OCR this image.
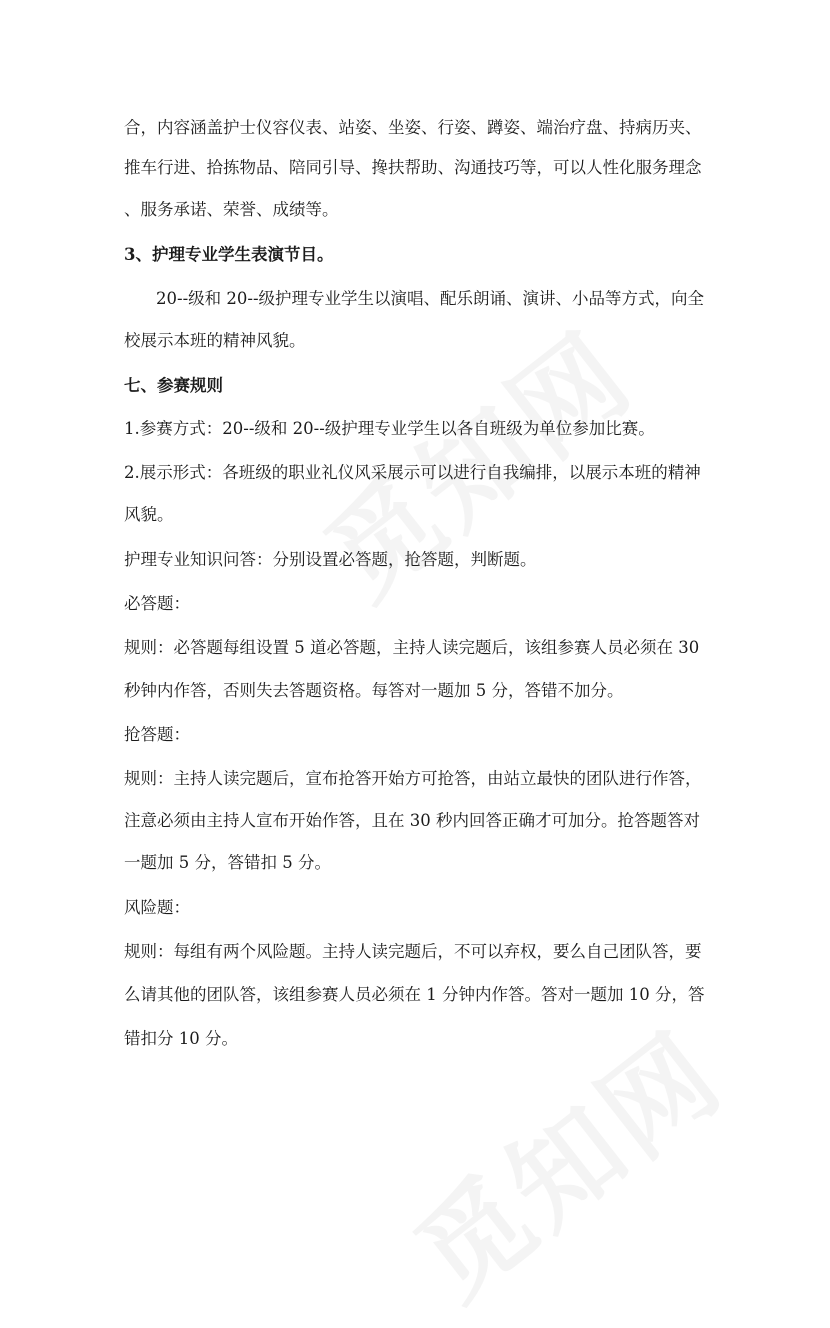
合，内容涵盖护士仪容仪表、站姿、坐姿、行姿、蹲姿、端治疗盘、持病历夹、
推车行进、拾拣物品、陪同引导、搀扶帮助、沟通技巧等，可以人性化服务理念
、服务承诺、荣誉、成绩等。
3、护理专业学生表演节目。
20--级和 20--级护理专业学生以演唱、配乐朗诵、演讲、小品等方式，向全
校展示本班的精神风貌。
七、参赛规则
1.参赛方式：20--级和 20--级护理专业学生以各自班级为单位参加比赛。
2.展示形式：各班级的职业礼仪风采展示可以进行自我编排，以展示本班的精神
风貌。
护理专业知识问答：分别设置必答题，抢答题，判断题。
必答题：
规则：必答题每组设置 5 道必答题，主持人读完题后，该组参赛人员必须在 30
秒钟内作答，否则失去答题资格。每答对一题加 5 分，答错不加分。
抢答题：
规则：主持人读完题后，宣布抢答开始方可抢答，由站立最快的团队进行作答，
注意必须由主持人宣布开始作答，且在 30 秒内回答正确才可加分。抢答题答对
一题加 5 分，答错扣 5 分。
风险题：
规则：每组有两个风险题。主持人读完题后，不可以弃权，要么自己团队答，要
么请其他的团队答，该组参赛人员必须在 1 分钟内作答。答对一题加 10 分，答
错扣分 10 分。
